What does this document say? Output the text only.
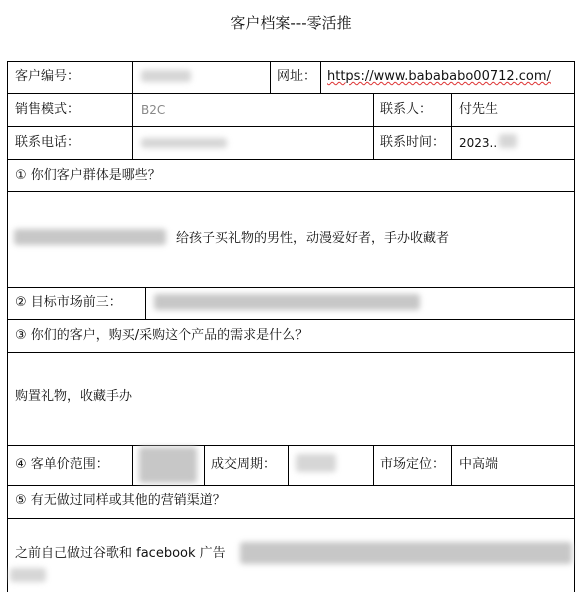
客户档案---零活推
客户编号：	网址： https://www.babababo00712.com/
销售模式：	B2C	联系人： 付先生
联系电话：	联系时间： 2023..
① 你们客户群体是哪些？
给孩子买礼物的男性，动漫爱好者，手办收藏者
② 目标市场前三：
③ 你们的客户，购买/采购这个产品的需求是什么？
购置礼物，收藏手办
④ 客单价范围：	成交周期：	市场定位： 中高端
⑤ 有无做过同样或其他的营销渠道？
之前自己做过谷歌和 facebook 广告
